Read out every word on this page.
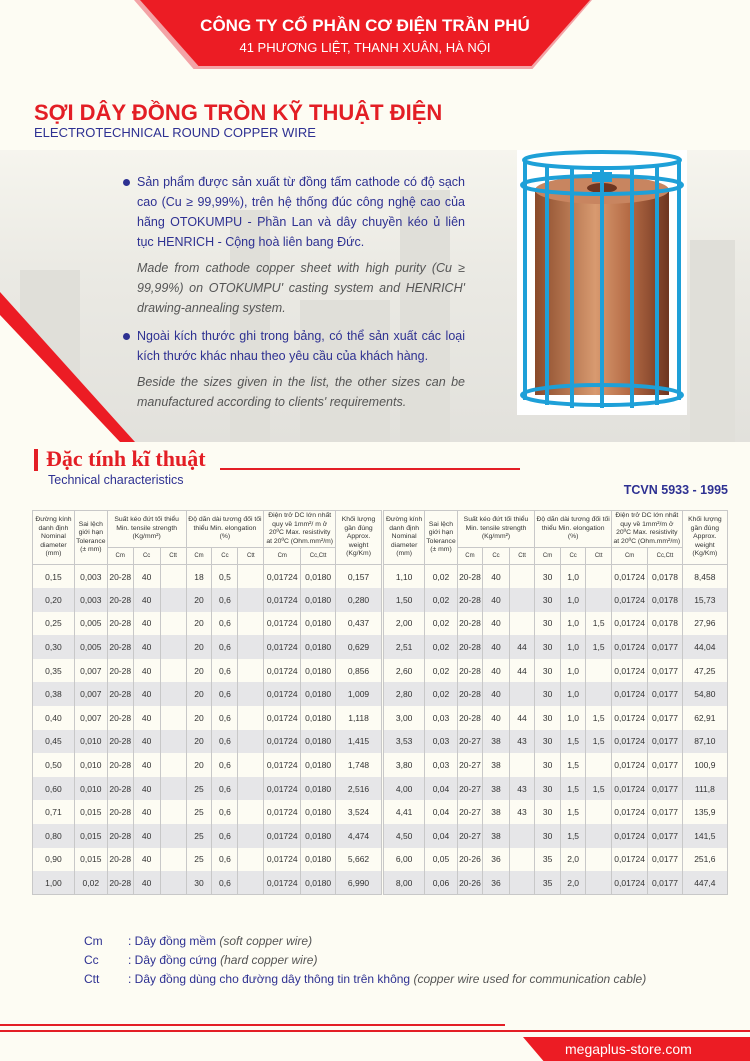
CÔNG TY CỔ PHẦN CƠ ĐIỆN TRẦN PHÚ
41 PHƯƠNG LIỆT, THANH XUÂN, HÀ NỘI
SỢI DÂY ĐỒNG TRÒN KỸ THUẬT ĐIỆN
ELECTROTECHNICAL ROUND COPPER WIRE
Sản phẩm được sản xuất từ đồng tấm cathode có độ sạch cao (Cu ≥ 99,99%), trên hệ thống đúc công nghệ cao của hãng OTOKUMPU - Phần Lan và dây chuyền kéo ủ liên tục HENRICH - Cộng hoà liên bang Đức.
Made from cathode copper sheet with high purity (Cu ≥ 99,99%) on OTOKUMPU' casting system and HENRICH' drawing-annealing system.
Ngoài kích thước ghi trong bảng, có thể sản xuất các loại kích thước khác nhau theo yêu cầu của khách hàng.
Beside the sizes given in the list, the other sizes can be manufactured according to clients' requirements.
Đặc tính kĩ thuật
Technical characteristics
TCVN 5933 - 1995
Đường kính danh định Nominal diameter (mm)	Sai lệch giới hạn Tolerance (± mm)	Suất kéo đứt tối thiểu Min. tensile strength (Kg/mm²)			Độ dãn dài tương đối tối thiểu Min. elongation (%)			Điện trở DC lớn nhất quy về 1mm²/ m ở 20ºC Max. resistivity at 20ºC (Ohm.mm²/m)		Khối lượng gần đúng Approx. weight (Kg/Km)
		Cm	Cc	Ctt	Cm	Cc	Ctt	Cm	Cc,Ctt	
0,15	0,003	20-28	40		18	0,5		0,01724	0,0180	0,157
0,20	0,003	20-28	40		20	0,6		0,01724	0,0180	0,280
0,25	0,005	20-28	40		20	0,6		0,01724	0,0180	0,437
0,30	0,005	20-28	40		20	0,6		0,01724	0,0180	0,629
0,35	0,007	20-28	40		20	0,6		0,01724	0,0180	0,856
0,38	0,007	20-28	40		20	0,6		0,01724	0,0180	1,009
0,40	0,007	20-28	40		20	0,6		0,01724	0,0180	1,118
0,45	0,010	20-28	40		20	0,6		0,01724	0,0180	1,415
0,50	0,010	20-28	40		20	0,6		0,01724	0,0180	1,748
0,60	0,010	20-28	40		25	0,6		0,01724	0,0180	2,516
0,71	0,015	20-28	40		25	0,6		0,01724	0,0180	3,524
0,80	0,015	20-28	40		25	0,6		0,01724	0,0180	4,474
0,90	0,015	20-28	40		25	0,6		0,01724	0,0180	5,662
1,00	0,02	20-28	40		30	0,6		0,01724	0,0180	6,990
Đường kính danh định Nominal diameter (mm)	Sai lệch giới hạn Tolerance (± mm)	Suất kéo đứt tối thiểu Min. tensile strength (Kg/mm²)			Độ dãn dài tương đối tối thiểu Min. elongation (%)			Điện trở DC lớn nhất quy về 1mm²/m ở 20ºC Max. resistivity at 20ºC (Ohm.mm²/m)		Khối lượng gần đúng Approx. weight (Kg/Km)
		Cm	Cc	Ctt	Cm	Cc	Ctt	Cm	Cc,Ctt	
1,10	0,02	20-28	40		30	1,0		0,01724	0,0178	8,458
1,50	0,02	20-28	40		30	1,0		0,01724	0,0178	15,73
2,00	0,02	20-28	40		30	1,0	1,5	0,01724	0,0178	27,96
2,51	0,02	20-28	40	44	30	1,0	1,5	0,01724	0,0177	44,04
2,60	0,02	20-28	40	44	30	1,0		0,01724	0,0177	47,25
2,80	0,02	20-28	40		30	1,0		0,01724	0,0177	54,80
3,00	0,03	20-28	40	44	30	1,0	1,5	0,01724	0,0177	62,91
3,53	0,03	20-27	38	43	30	1,5	1,5	0,01724	0,0177	87,10
3,80	0,03	20-27	38		30	1,5		0,01724	0,0177	100,9
4,00	0,04	20-27	38	43	30	1,5	1,5	0,01724	0,0177	111,8
4,41	0,04	20-27	38	43	30	1,5		0,01724	0,0177	135,9
4,50	0,04	20-27	38		30	1,5		0,01724	0,0177	141,5
6,00	0,05	20-26	36		35	2,0		0,01724	0,0177	251,6
8,00	0,06	20-26	36		35	2,0		0,01724	0,0177	447,4
Cm : Dây đồng mềm (soft copper wire)
Cc : Dây đồng cứng (hard copper wire)
Ctt : Dây đồng dùng cho đường dây thông tin trên không (copper wire used for communication cable)
megaplus-store.com
